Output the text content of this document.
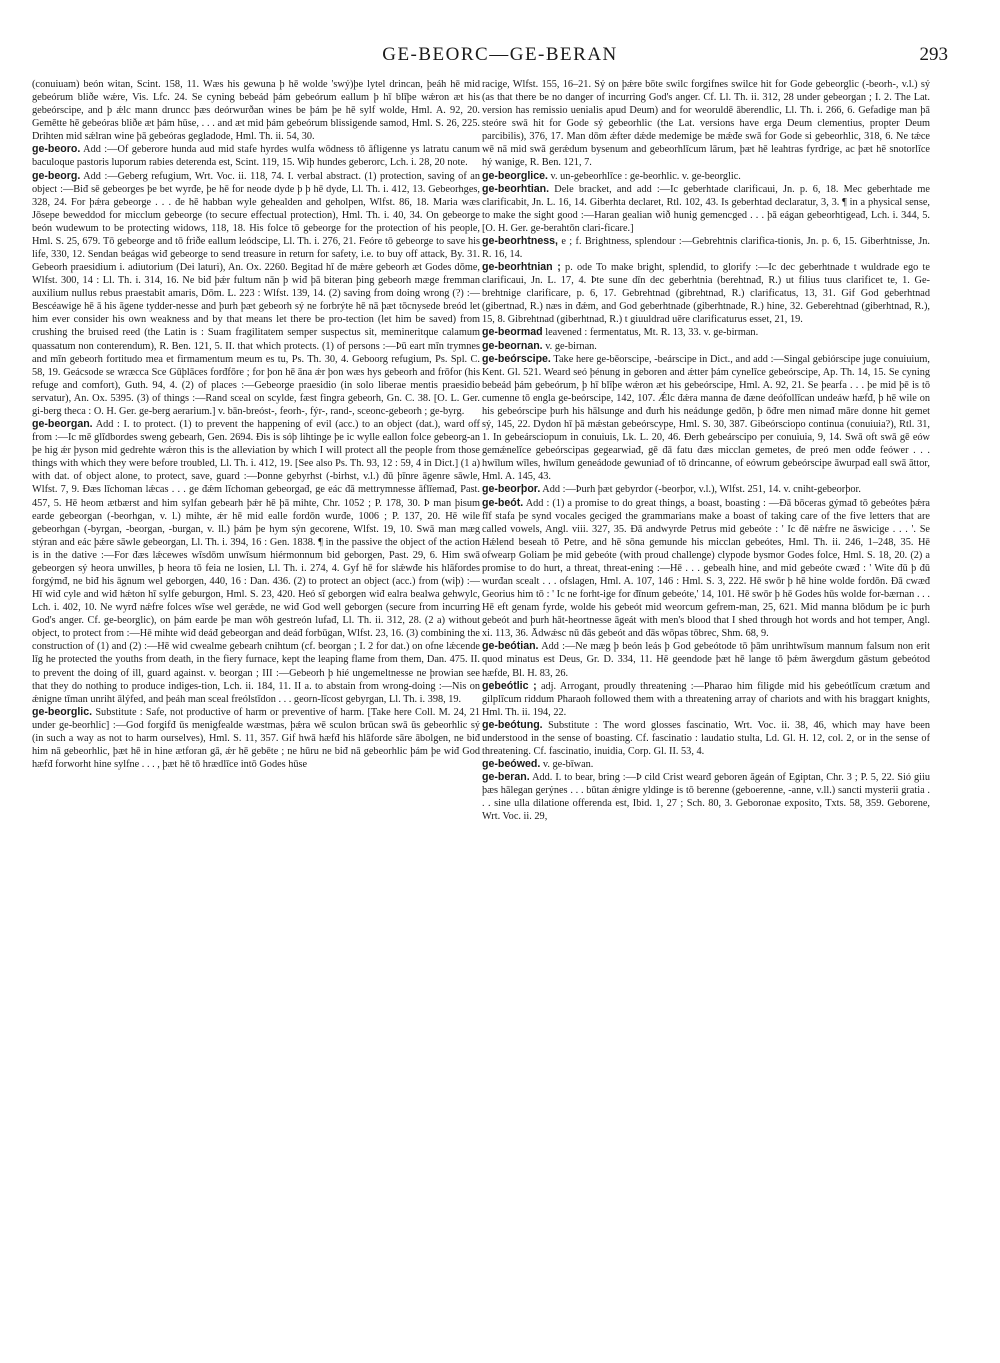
GE-BEORC—GE-BERAN	293

(conuiuam) beón witan, Scint. 158, 11. Wæs his gewuna þ hē wolde 'swý)þe lytel drincan, þeáh hē mid gebeórum bliðe wǽre, Vis. Lfc. 24. Se cyning bebeád þám gebeórum eallum þ hī blīþe wǽron æt his gebeórscipe, and þ ǽlc mann druncc þæs deórwurðan wines be þám þe hē sylf wolde, Hml. A. 92, 20. Gemētte hē gebeóras bliðe æt þám hūse, . . . and æt mid þám gebeórum blissigende samod, Hml. S. 26, 225. Drihten mid sǽlran wine þā gebeóras gegladode, Hml. Th. ii. 54, 30.

ge-beoro. Add :—Of geberore hunda aud mid stafe hyrdes wulfa wōdness tō āfligenne ys latratu canum baculoque pastoris luporum rabies deterenda est, Scint. 119, 15. Wiþ hundes geberorc, Lch. i. 28, 20 note.

ge-beorg. Add :—Geberg refugium, Wrt. Voc. ii. 118, 74. I. verbal abstract. (1) protection, saving of an object :—Biđ sē gebeorges þe bet wyrđe, þe hē for neode dyde þ þ hē dyde, Ll. Th. i. 412, 13. Gebeorhges, 328, 24. For þǽra gebeorge . . . đe hē habban wyle gehealden and geholpen, Wlfst. 86, 18. Maria wæs Jōsepe beweddod for micclum gebeorge (to secure effectual protection), Hml. Th. i. 40, 34. On gebeorge beón wudewum to be protecting widows, 118, 18. His folce tō gebeorge for the protection of his people, Hml. S. 25, 679. Tō gebeorge and tō friðe eallum leódscipe, Ll. Th. i. 276, 21. Feóre tō gebeorge to save his life, 330, 12. Sendan beágas wiđ gebeorge to send treasure in return for safety, i.e. to buy off attack, By. 31. Gebeorh praesidium i. adiutorium (Dei laturi), An. Ox. 2260. Begitad hī đe mǽre gebeorh æt Godes dōme, Wlfst. 300, 14 : Ll. Th. i. 314, 16. Ne biđ þǽr fultum nān þ wiđ þā biteran þing gebeorh mæge fremman auxilium nullus rebus praestabit amaris, Dōm. L. 223 : Wlfst. 139, 14. (2) saving from doing wrong (?) :—Bescéawige hē ā his āgene tydder-nesse and þurh þæt gebeorh sý ne forbrýte hē nā þæt tōcnysede breód let him ever consider his own weakness and by that means let there be pro-tection (let him be saved) from crushing the bruised reed (the Latin is : Suam fragilitatem semper suspectus sit, memineritque calamum quassatum non conterendum), R. Ben. 121, 5. II. that which protects. (1) of persons :—Þū eart mīn trymnes and mīn gebeorh fortitudo mea et firmamentum meum es tu, Ps. Th. 30, 4. Geboorg refugium, Ps. Spl. C. 58, 19. Geácsode se wræcca Sce Gūþlāces forđfōre ; for þon hē āna ǽr þon wæs hys gebeorh and frōfor (his refuge and comfort), Guth. 94, 4. (2) of places :—Gebeorge praesidio (in solo liberae mentis praesidio servatur), An. Ox. 5395. (3) of things :—Rand sceal on scylde, fæst fingra gebeorh, Gn. C. 38. [O. L. Ger. gi-berg theca : O. H. Ger. ge-berg aerarium.] v. bān-breóst-, feorh-, fýr-, rand-, sceonc-gebeorh ; ge-byrg.

ge-beorgan. Add : I. to protect. (1) to prevent the happening of evil (acc.) to an object (dat.), ward off from :—Ic mē glīdbordes sweng gebearh, Gen. 2694. Đis is sóþ lihtinge þe ic wylle eallon folce gebeorg-an þe hig ǽr þyson mid gedrehte wǽron this is the alleviation by which I will protect all the people from those things with which they were before troubled, Ll. Th. i. 412, 19. [See also Ps. Th. 93, 12 : 59, 4 in Dict.] (1 a) with dat. of object alone, to protect, save, guard :—Þonne gebyrhst (-birhst, v.l.) đū þīnre āgenre sāwle, Wlfst. 7, 9. Đæs līchoman lǽcas . . . ge đǽm līchoman gebeorgađ, ge eác đā mettrymnesse āflīemađ, Past. 457, 5. Hē heom ætbærst and him sylfan gebearh þǽr hē þā mihte, Chr. 1052 ; P. 178, 30. Þ man þisum earde gebeorgan (-beorhgan, v. l.) mihte, ǽr hē mid ealle fordōn wurđe, 1006 ; P. 137, 20. Hē wile gebeorhgan (-byrgan, -beorgan, -burgan, v. ll.) þám þe hym sýn gecorene, Wlfst. 19, 10. Swā man mæg stýran and eác þǽre sāwle gebeorgan, Ll. Th. i. 394, 16 : Gen. 1838. ¶ in the passive the object of the action is in the dative :—For đæs lǽcewes wīsdōm unwīsum hiérmonnum bid geborgen, Past. 29, 6. Him swā gebeorgen sý heora unwilles, þ heora tō feia ne losien, Ll. Th. i. 274, 4. Gyf hē for slǽwđe his hlāfordes forgýmđ, ne biđ his āgnum wel geborgen, 440, 16 : Dan. 436. (2) to protect an object (acc.) from (wiþ) :—Hī wiđ cyle and wiđ hǽton hī sylfe geburgon, Hml. S. 23, 420. Heó sī geborgen wiđ ealra bealwa gehwylc, Lch. i. 402, 10. Ne wyrđ nǽfre folces wīse wel gerǽde, ne wiđ God well geborgen (secure from incurring God's anger. Cf. ge-beorglic), on þám earde þe man wōh gestreón lufađ, Ll. Th. ii. 312, 28. (2 a) without object, to protect from :—Hē mihte wiđ deáđ gebeorgan and deáđ forbūgan, Wlfst. 23, 16. (3) combining the construction of (1) and (2) :—Hē wid cwealme gebearh cnihtum (cf. beorgan ; I. 2 for dat.) on ofne lǽcende līg he protected the youths from death, in the fiery furnace, kept the leaping flame from them, Dan. 475. II. to prevent the doing of ill, guard against. v. beorgan ; III :—Gebeorh þ hié ungemeltnesse ne þrowian see that they do nothing to produce indiges-tion, Lch. ii. 184, 11. II a. to abstain from wrong-doing :—Nis on ǽnigne tīman unriht ālýfed, and þeáh man sceal freólstīdon . . . georn-līcost gebyrgan, Ll. Th. i. 398, 19.

ge-beorglic. Substitute : Safe, not productive of harm or preventive of harm. [Take here Coll. M. 24, 21 under ge-beorhlic] :—God forgifđ ūs menigfealde wæstmas, þǽra wē sculon brūcan swā ūs gebeorhlic sý (in such a way as not to harm ourselves), Hml. S. 11, 357. Gif hwā hæfđ his hlāforde sāre ābolgen, ne biđ him nā gebeorhlic, þæt hē in hine ætforan gā, ǽr hē gebēte ; ne hūru ne biđ nā gebeorhlic þám þe wiđ God hæfđ forworht hine sylfne . . . , þæt hē tō hrædlīce intō Godes hūse

racige, Wlfst. 155, 16–21. Sý on þǽre bōte swilc forgifnes swilce hit for Gode gebeorglic (-beorh-, v.l.) sý (as that there be no danger of incurring God's anger. Cf. Ll. Th. ii. 312, 28 under gebeorgan ; I. 2. The Lat. version has remissio uenialis apud Deum) and for weoruldē āberendlic, Ll. Th. i. 266, 6. Gefadige man þā steóre swā hit for Gode sý gebeorhlic (the Lat. versions have erga Deum clementius, propter Deum parcibilis), 376, 17. Man dōm ǽfter dǽde medemige be mǽđe swā for Gode si gebeorhlic, 318, 6. Ne tǽce wē nā mid swā gerǽdum bysenum and gebeorhlīcum lārum, þæt hē leahtras fyrđrige, ac þæt hē snotorlīce hý wanige, R. Ben. 121, 7.

ge-beorglice. v. un-gebeorhlīce : ge-beorhlic. v. ge-beorglic.

ge-beorhtian. Dele bracket, and add :—Ic geberhtade clarificaui, Jn. p. 6, 18. Mec geberhtade me clarificabit, Jn. L. 16, 14. Giberhta declaret, Rtl. 102, 43. Is geberhtad declaratur, 3, 3. ¶ in a physical sense, to make the sight good :—Haran gealian wið hunig gemencged . . . þā eágan gebeorhtigeađ, Lch. i. 344, 5. [O. H. Ger. ge-berahtōn clari-ficare.]

ge-beorhtness, e ; f. Brightness, splendour :—Gebrehtnis clarifica-tionis, Jn. p. 6, 15. Giberhtnisse, Jn. R. 16, 14.

ge-beorhtnian ; p. ode To make bright, splendid, to glorify :—Ic dec geberhtnade t wuldrade ego te clarificaui, Jn. L. 17, 4. Þte sune dīn dec geberhtnia (berehtnađ, R.) ut filius tuus clarificet te, 1. Ge-brehtnige clarificare, p. 6, 17. Gebrehtnad (gibrehtnad, R.) clarificatus, 13, 31. Gif God geberhtnad (gibertnad, R.) næs in đǽm, and God geberhtnade (giberhtnade, R.) hine, 32. Geberehtnad (giberhtnad, R.), 15, 8. Gibrehtnad (giberhtnad, R.) t giuuldrad uēre clarificaturus esset, 21, 19.

ge-beormad leavened : fermentatus, Mt. R. 13, 33. v. ge-birman.

ge-beornan. v. ge-birnan.

ge-beórscipe. Take here ge-bēorscipe, -beárscipe in Dict., and add :—Singal gebiórscipe juge conuiuium, Kent. Gl. 521. Weard seó þénung in geboren and ǽtter þám cynelīce gebeórscipe, Ap. Th. 14, 15. Se cyning bebeád þám gebeórum, þ hī blīþe wǽron æt his gebeórscipe, Hml. A. 92, 21. Se þearfa . . . þe mid þē is tō cumenne tō engla ge-beórscipe, 142, 107. Ǽlc đǽra manna đe đæne deófollīcan undeáw hæfđ, þ hē wile on his gebeórscipe þurh his hālsunge and đurh his neádunge gedōn, þ ōđre men nimađ māre donne hit gemet sý, 145, 22. Dydon hī þā mǽstan gebeórscype, Hml. S. 30, 387. Gibeórsciopo continua (conuiuia?), Rtl. 31, 1. In gebeársciopum in conuiuis, Lk. L. 20, 46. Đerh gebeárscipo per conuiuia, 9, 14. Swā oft swā gē eów gemǽnelīce gebeórscipas gegearwiađ, gē đā fatu đæs micclan gemetes, đe preó men odđe feówer . . . hwīlum wīles, hwīlum geneádode gewuniađ of tō drincanne, of eówrum gebeórscipe āwurpađ eall swā āttor, Hml. A. 145, 43.

ge-beorþor. Add :—Þurh þæt gebyrdor (-beorþor, v.l.), Wlfst. 251, 14. v. cniht-gebeorþor.

ge-beót. Add : (1) a promise to do great things, a boast, boasting : —Đā bōceras gýmađ tō gebeótes þǽra fīf stafa þe synd vocales geciged the grammarians make a boast of taking care of the five letters that are called vowels, Angl. viii. 327, 35. Đā andwyrde Petrus mid gebeóte : ' Ic đē nǽfre ne āswicige . . . '. Se Hǽlend beseah tō Petre, and hē sōna gemunde his micclan gebeótes, Hml. Th. ii. 246, 1–248, 35. Hē ofwearp Goliam þe mid gebeóte (with proud challenge) clypode bysmor Godes folce, Hml. S. 18, 20. (2) a promise to do hurt, a threat, threat-ening :—Hē . . . gebealh hine, and mid gebeóte cwæđ : ' Wite đū þ đū wurđan scealt . . . ofslagen, Hml. A. 107, 146 : Hml. S. 3, 222. Hē swōr þ hē hine wolde fordōn. Đā cwæđ Georius him tō : ' Ic ne forht-ige for đīnum gebeóte,' 14, 101. Hē swōr þ hē Godes hūs wolde for-bærnan . . . Hē eft genam fyrde, wolde his gebeót mid weorcum gefrem-man, 25, 621. Mid manna blōdum þe ic þurh gebeót and þurh hāt-heortnesse āgeát with men's blood that I shed through hot words and hot temper, Angl. xi. 113, 36. Ādwǽsc nū đās gebeót and đās wōpas tōbrec, Shm. 68, 9.

ge-beótian. Add :—Ne mæg þ beón leás þ God gebeótode tō þām unrihtwīsum mannum falsum non erit quod minatus est Deus, Gr. D. 334, 11. Hē geendode þæt hē lange tō þǽm āwergdum gāstum gebeótod hæfde, Bl. H. 83, 26.

gebeótlic ; adj. Arrogant, proudly threatening :—Pharao him filigde mid his gebeótlīcum crætum and gilplīcum riddum Pharaoh followed them with a threatening array of chariots and with his braggart knights, Hml. Th. ii. 194, 22.

ge-beótung. Substitute : The word glosses fascinatio, Wrt. Voc. ii. 38, 46, which may have been understood in the sense of boasting. Cf. fascinatio : laudatio stulta, Ld. Gl. H. 12, col. 2, or in the sense of threatening. Cf. fascinatio, inuidia, Corp. Gl. II. 53, 4.

ge-beówed. v. ge-bīwan.

ge-beran. Add. I. to bear, bring :—Þ cild Crist wearđ geboren āgeán of Egiptan, Chr. 3 ; P. 5, 22. Sió giiu þæs hālegan gerýnes . . . būtan ǽnigre yldinge is tō berenne (geboerenne, -anne, v.ll.) sancti mysterii gratia . . . sine ulla dilatione offerenda est, Ibid. 1, 27 ; Sch. 80, 3. Geboronae exposito, Txts. 58, 359. Geborene, Wrt. Voc. ii. 29,
